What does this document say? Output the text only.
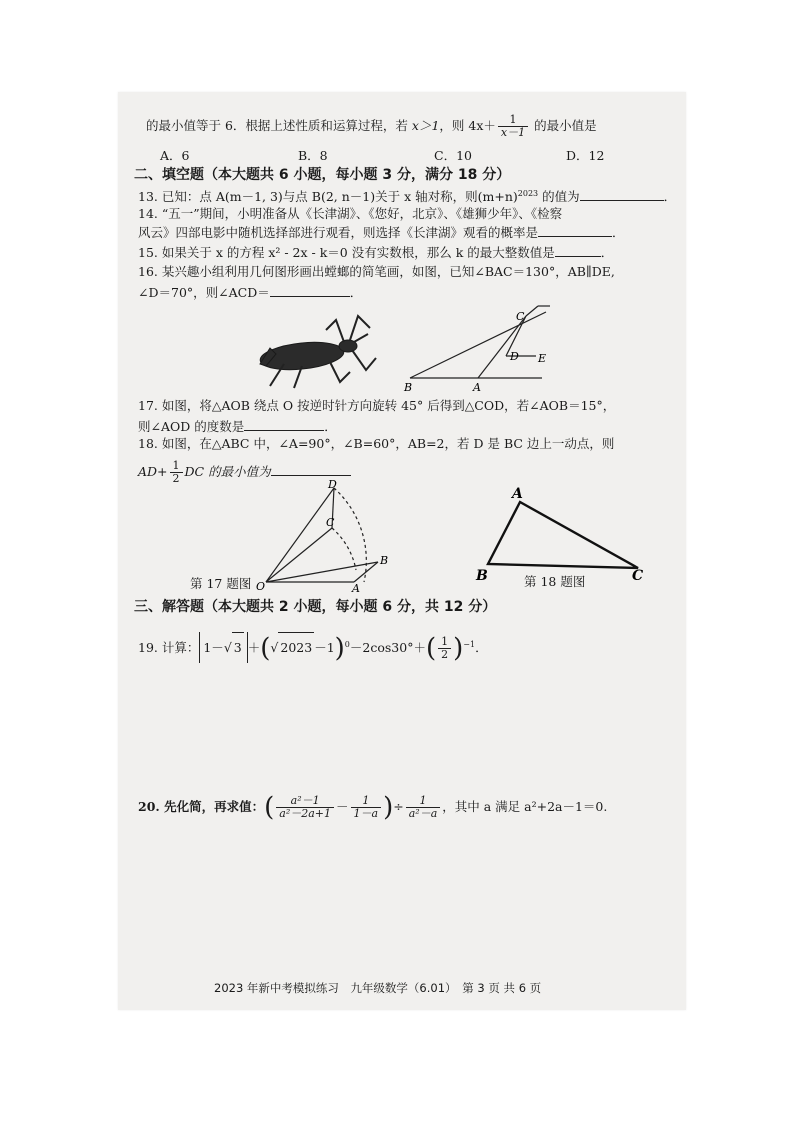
的最小值等于 6．根据上述性质和运算过程，若 x＞1，则 $4x+ \frac{1}{x-1}$ 的最小值是
A．6	B．8	C．10	D．12
二、填空题（本大题共 6 小题，每小题 3 分，满分 18 分）
13. 已知：点 A(m－1, 3)与点 B(2, n－1)关于 x 轴对称，则$(m+n)^{2023}$ 的值为	．
14. “五一”期间，小明准备从《长津湖》、《您好，北京》、《雄狮少年》、《检察
风云》四部电影中随机选择部进行观看，则选择《长津湖》观看的概率是	．
15. 如果关于 x 的方程 x² - 2x - k＝0 没有实数根，那么 k 的最大整数值是	．
16. 某兴趣小组利用几何图形画出螳螂的简笔画，如图，已知∠BAC＝130°，AB∥DE,
∠D＝70°，则∠ACD＝	．
B	A
C
D E
17. 如图，将△AOB 绕点 O 按逆时针方向旋转 45° 后得到△COD，若∠AOB＝15°，
则∠AOD 的度数是	．
18. 如图，在△ABC 中，∠A=90°，∠B=60°，AB=2，若 D 是 BC 边上一动点，则
$AD+ \frac{1}{2}$ DC 的最小值为
O	A
B
C
D
第 17 题图
A
B	C
第 18 题图
三、解答题（本大题共 2 小题，每小题 6 分，共 12 分）
19. 计算： 1－√ 3 ＋(√ $2023 -1)^0-2\cos 30^\circ+( \frac{1}{2} )^{-1}$．
20. 先化简，再求值：( $\frac{\text{a²－1}}{\text{a²－2a+1}} - \frac{1}{1-a}$ )÷ $\frac{1}{\text{a²－a}}$ ，其中 a 满足 a²+2a－1＝0.
2023 年新中考模拟练习　九年级数学（6.01）　第 3 页 共 6 页
